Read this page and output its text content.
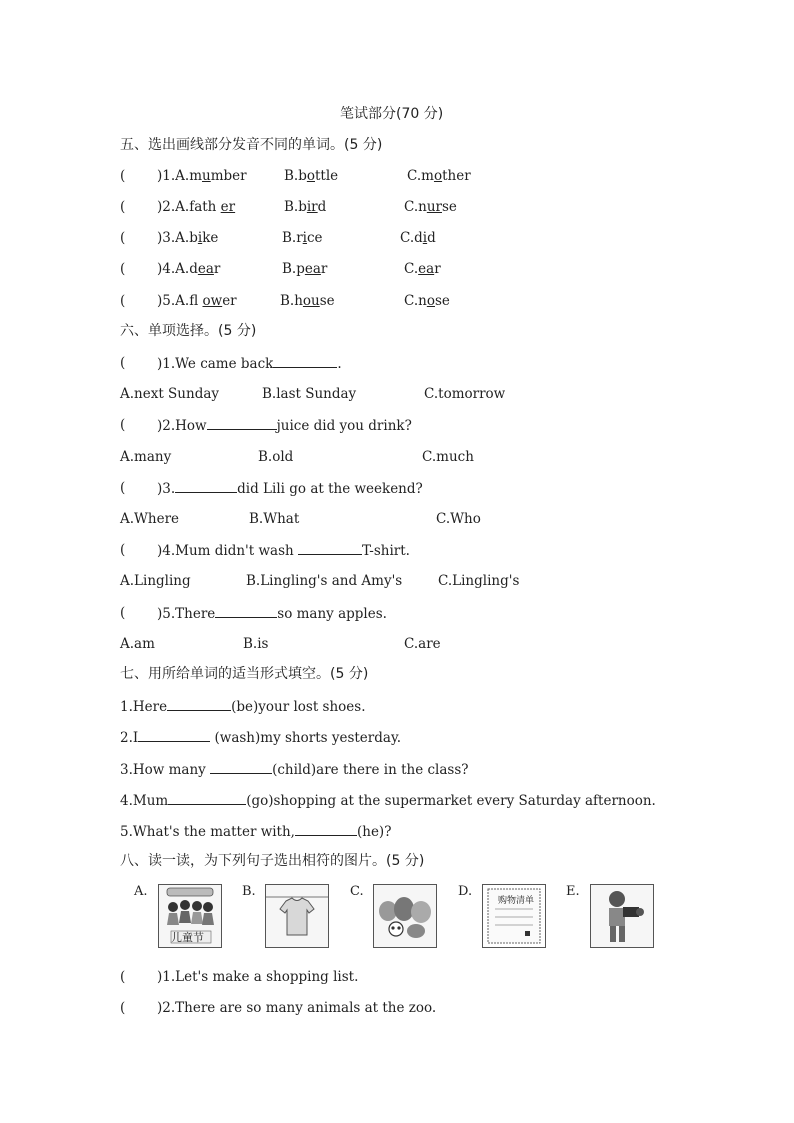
笔试部分(70 分)
五、选出画线部分发音不同的单词。(5 分)
( )1.A.mumber	B.bottle	C.mother
( )2.A.fath er	B.bird	C.nurse
( )3.A.bike	B.rice	C.did
( )4.A.dear	B.pear	C.ear
( )5.A.fl ower	B.house	C.nose
六、单项选择。(5 分)
( )1.We came back	.
A.next Sunday	B.last Sunday	C.tomorrow
( )2.How	juice did you drink?
A.many	B.old	C.much
( )3.	did Lili go at the weekend?
A.Where	B.What	C.Who
( )4.Mum didn't wash	T-shirt.
A.Lingling	B.Lingling's and Amy's	C.Lingling's
( )5.There	so many apples.
A.am	B.is	C.are
七、用所给单词的适当形式填空。(5 分)
1.Here	(be)your lost shoes.
2.I	(wash)my shorts yesterday.
3.How many	(child)are there in the class?
4.Mum	(go)shopping at the supermarket every Saturday afternoon.
5.What's the matter with,	(he)?
八、读一读，为下列句子选出相符的图片。(5 分)
A.
儿童节
B.	C.	D.
购物清单
E.
( )1.Let's make a shopping list.
( )2.There are so many animals at the zoo.
